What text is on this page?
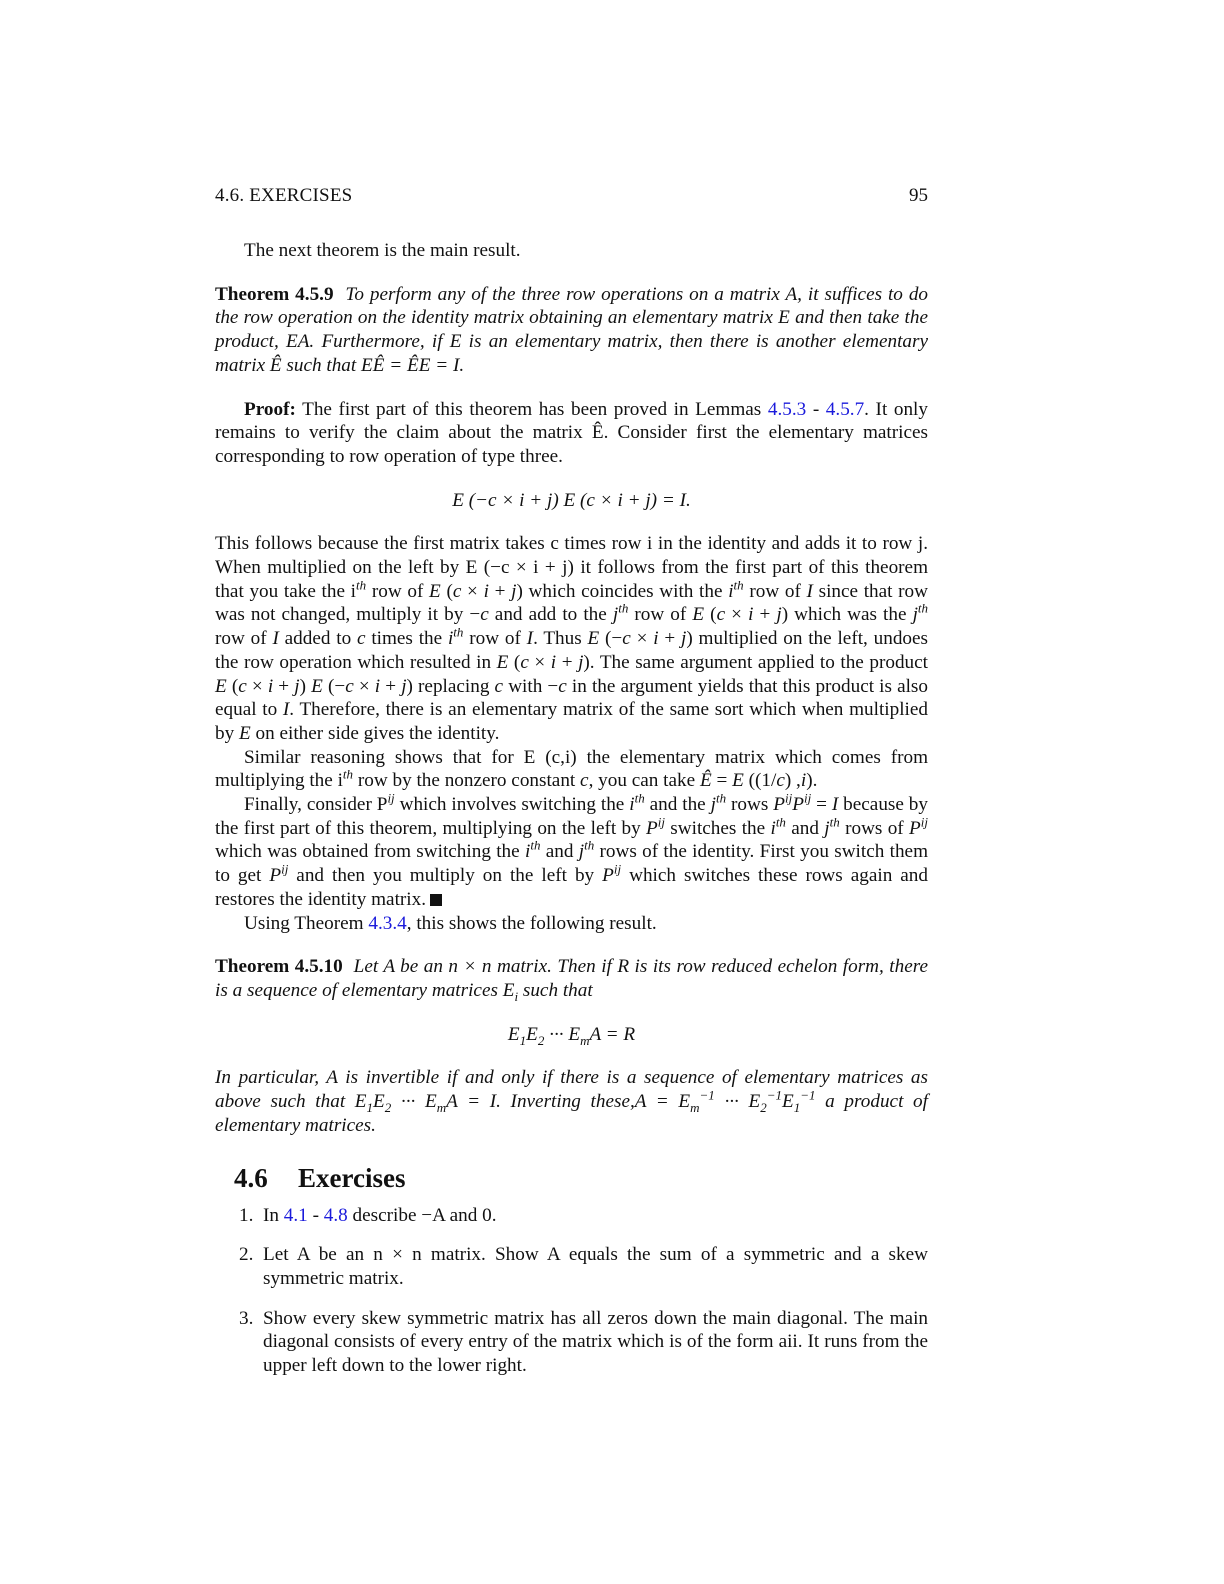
4.6. EXERCISES	95

The next theorem is the main result.

Theorem 4.5.9 To perform any of the three row operations on a matrix A, it suffices to do the row operation on the identity matrix obtaining an elementary matrix E and then take the product, EA. Furthermore, if E is an elementary matrix, then there is another elementary matrix Ê such that EÊ = ÊE = I.

Proof: The first part of this theorem has been proved in Lemmas 4.5.3 - 4.5.7. It only remains to verify the claim about the matrix Ê. Consider first the elementary matrices corresponding to row operation of type three.

E (−c × i + j) E (c × i + j) = I.

This follows because the first matrix takes c times row i in the identity and adds it to row j. When multiplied on the left by E (−c × i + j) it follows from the first part of this theorem that you take the $i^{th}$ row of E (c × i + j) which coincides with the $i^{th}$ row of I since that row was not changed, multiply it by −c and add to the $j^{th}$ row of E (c × i + j) which was the $j^{th}$ row of I added to c times the $i^{th}$ row of I. Thus E (−c × i + j) multiplied on the left, undoes the row operation which resulted in E (c × i + j). The same argument applied to the product E (c × i + j) E (−c × i + j) replacing c with −c in the argument yields that this product is also equal to I. Therefore, there is an elementary matrix of the same sort which when multiplied by E on either side gives the identity.

Similar reasoning shows that for E (c,i) the elementary matrix which comes from multiplying the $i^{th}$ row by the nonzero constant c, you can take Ê = E ((1/c) ,i).

Finally, consider $P^{ij}$ which involves switching the $i^{th}$ and the $j^{th}$ rows $P^{ij}P^{ij} = I$ because by the first part of this theorem, multiplying on the left by $P^{ij}$ switches the $i^{th}$ and $j^{th}$ rows of $P^{ij}$ which was obtained from switching the $i^{th}$ and $j^{th}$ rows of the identity. First you switch them to get $P^{ij}$ and then you multiply on the left by $P^{ij}$ which switches these rows again and restores the identity matrix.

Using Theorem 4.3.4, this shows the following result.

Theorem 4.5.10 Let A be an n × n matrix. Then if R is its row reduced echelon form, there is a sequence of elementary matrices $E_i$ such that

$E_1E_2$ ··· $E_mA = R$

In particular, A is invertible if and only if there is a sequence of elementary matrices as above such that $E_1E_2$ ··· $E_mA = I$. Inverting these,A = $E_m^{-1}$ ··· $E_2^{-1}E_1^{-1}$ a product of elementary matrices.

4.6 Exercises
1. In 4.1 - 4.8 describe −A and 0.
2. Let A be an n × n matrix. Show A equals the sum of a symmetric and a skew symmetric matrix.
3. Show every skew symmetric matrix has all zeros down the main diagonal. The main diagonal consists of every entry of the matrix which is of the form aii. It runs from the upper left down to the lower right.
